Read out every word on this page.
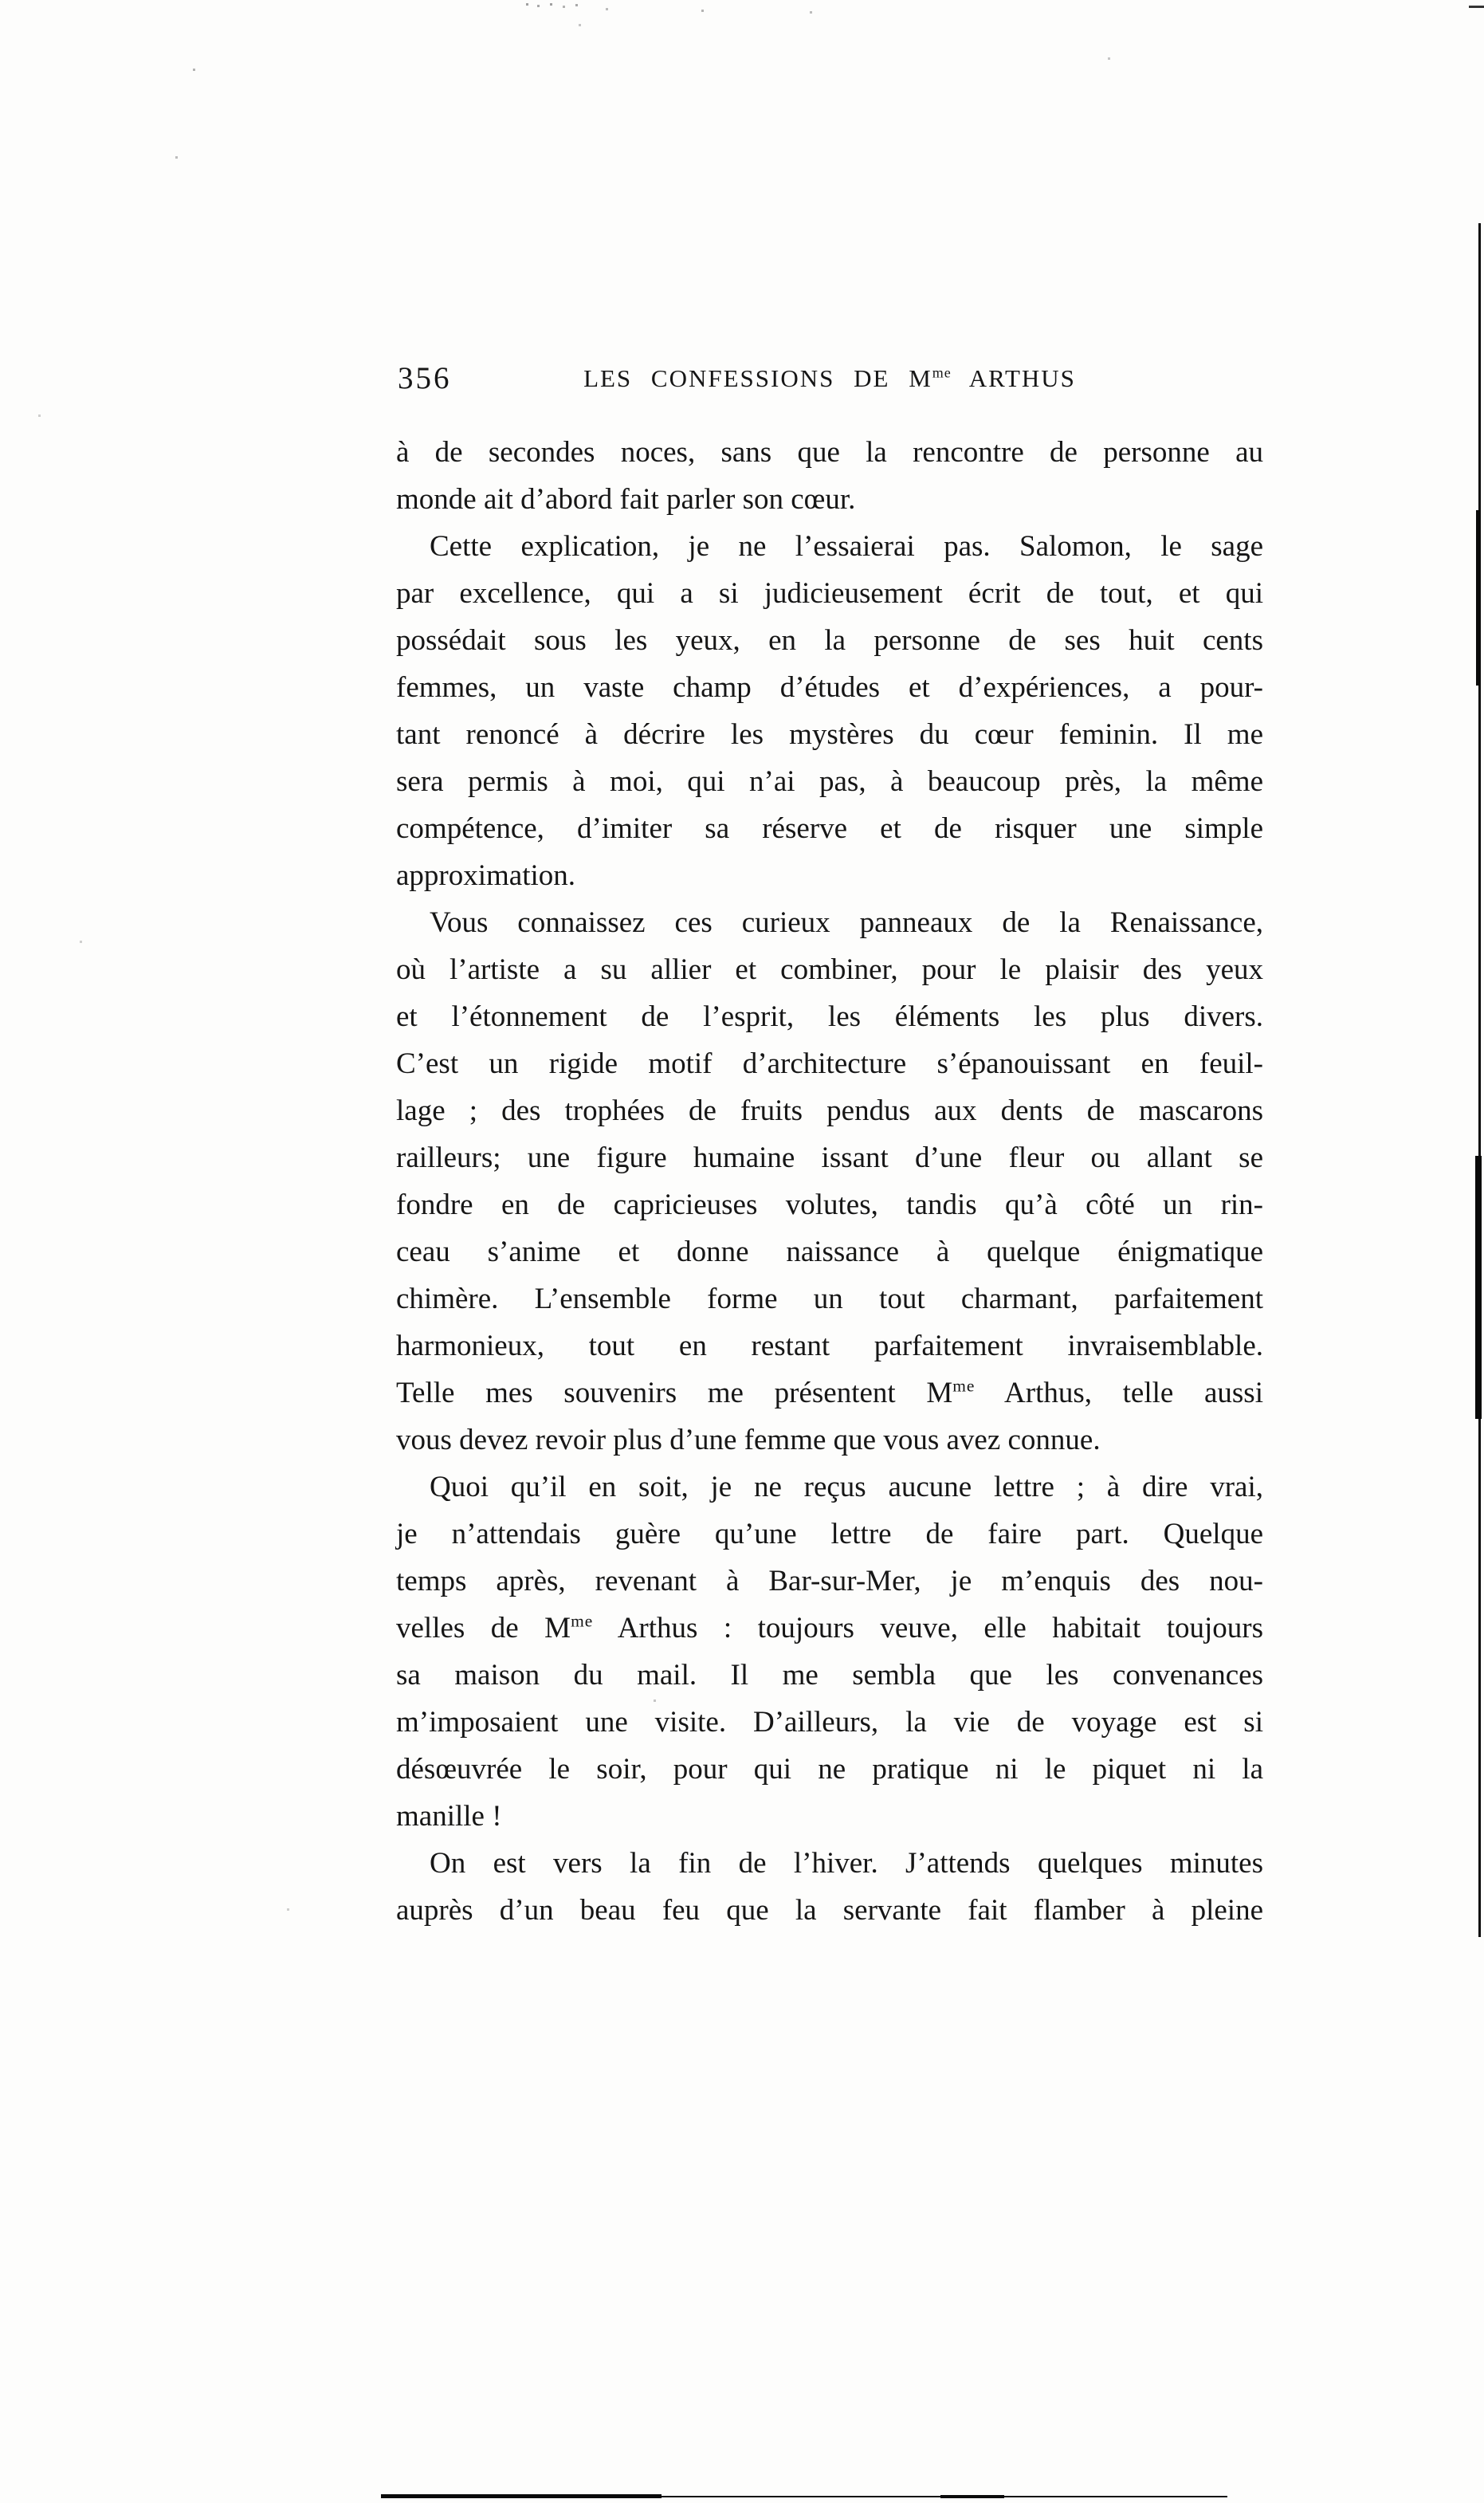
356	LES CONFESSIONS DE $M^{me}$ ARTHUS
à de secondes noces, sans que la rencontre de personne au
monde ait d’abord fait parler son cœur.
Cette explication, je ne l’essaierai pas. Salomon, le sage
par excellence, qui a si judicieusement écrit de tout, et qui
possédait sous les yeux, en la personne de ses huit cents
femmes, un vaste champ d’études et d’expériences, a pour-
tant renoncé à décrire les mystères du cœur feminin. Il me
sera permis à moi, qui n’ai pas, à beaucoup près, la même
compétence, d’imiter sa réserve et de risquer une simple
approximation.
Vous connaissez ces curieux panneaux de la Renaissance,
où l’artiste a su allier et combiner, pour le plaisir des yeux
et l’étonnement de l’esprit, les éléments les plus divers.
C’est un rigide motif d’architecture s’épanouissant en feuil-
lage ; des trophées de fruits pendus aux dents de mascarons
railleurs; une figure humaine issant d’une fleur ou allant se
fondre en de capricieuses volutes, tandis qu’à côté un rin-
ceau s’anime et donne naissance à quelque énigmatique
chimère. L’ensemble forme un tout charmant, parfaitement
harmonieux, tout en restant parfaitement invraisemblable.
Telle mes souvenirs me présentent $M^{me}$ Arthus, telle aussi
vous devez revoir plus d’une femme que vous avez connue.
Quoi qu’il en soit, je ne reçus aucune lettre ; à dire vrai,
je n’attendais guère qu’une lettre de faire part. Quelque
temps après, revenant à Bar-sur-Mer, je m’enquis des nou-
velles de $M^{me}$ Arthus : toujours veuve, elle habitait toujours
sa maison du mail. Il me sembla que les convenances
m’imposaient une visite. D’ailleurs, la vie de voyage est si
désœuvrée le soir, pour qui ne pratique ni le piquet ni la
manille !
On est vers la fin de l’hiver. J’attends quelques minutes
auprès d’un beau feu que la servante fait flamber à pleine
